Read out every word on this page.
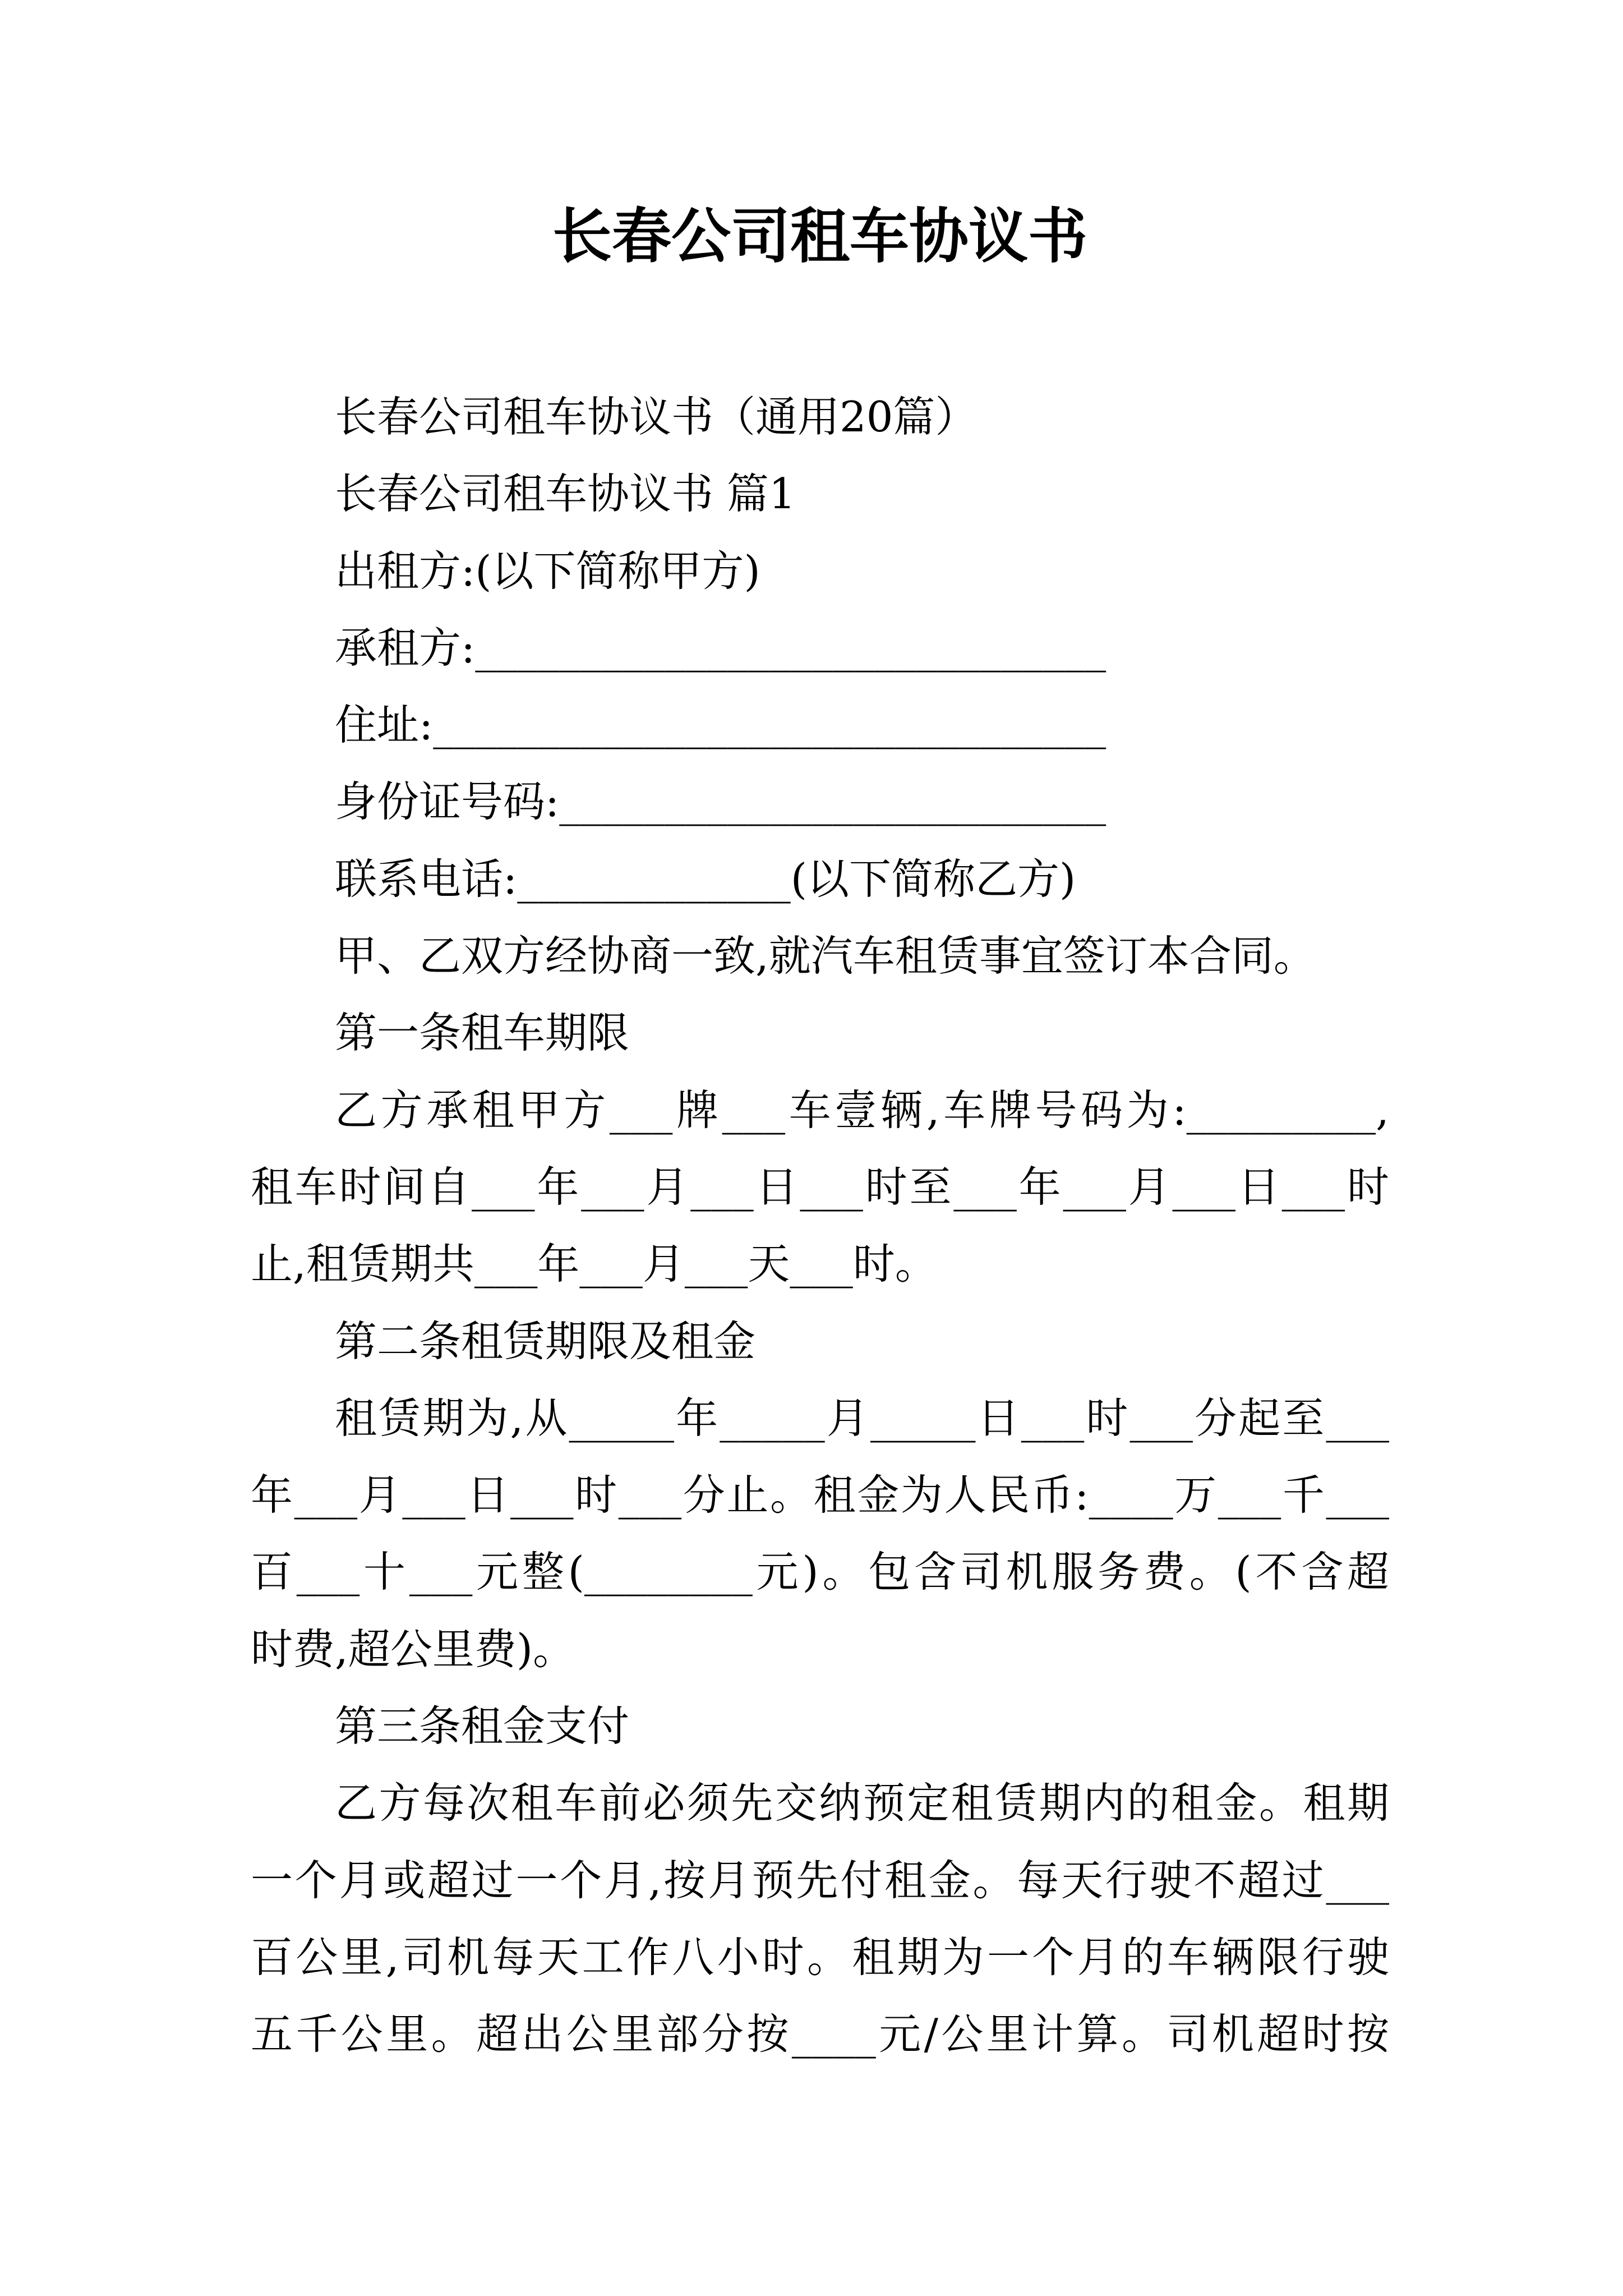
长春公司租车协议书
长春公司租车协议书（通用20篇）
长春公司租车协议书 篇1
出租方:(以下简称甲方)
承租方:______________________________
住址:________________________________
身份证号码:__________________________
联系电话:_____________(以下简称乙方)
甲、乙双方经协商一致,就汽车租赁事宜签订本合同。
第一条租车期限
乙方承租甲方___牌___车壹辆,车牌号码为:_________,
租车时间自___年___月___日___时至___年___月___日___时
止,租赁期共___年___月___天___时。
第二条租赁期限及租金
租赁期为,从_____年_____月_____日___时___分起至___
年___月___日___时___分止。租金为人民币:____万___千___
百___十___元整(________元)。包含司机服务费。(不含超
时费,超公里费)。
第三条租金支付
乙方每次租车前必须先交纳预定租赁期内的租金。租期
一个月或超过一个月,按月预先付租金。每天行驶不超过___
百公里,司机每天工作八小时。租期为一个月的车辆限行驶
五千公里。超出公里部分按____元/公里计算。司机超时按
